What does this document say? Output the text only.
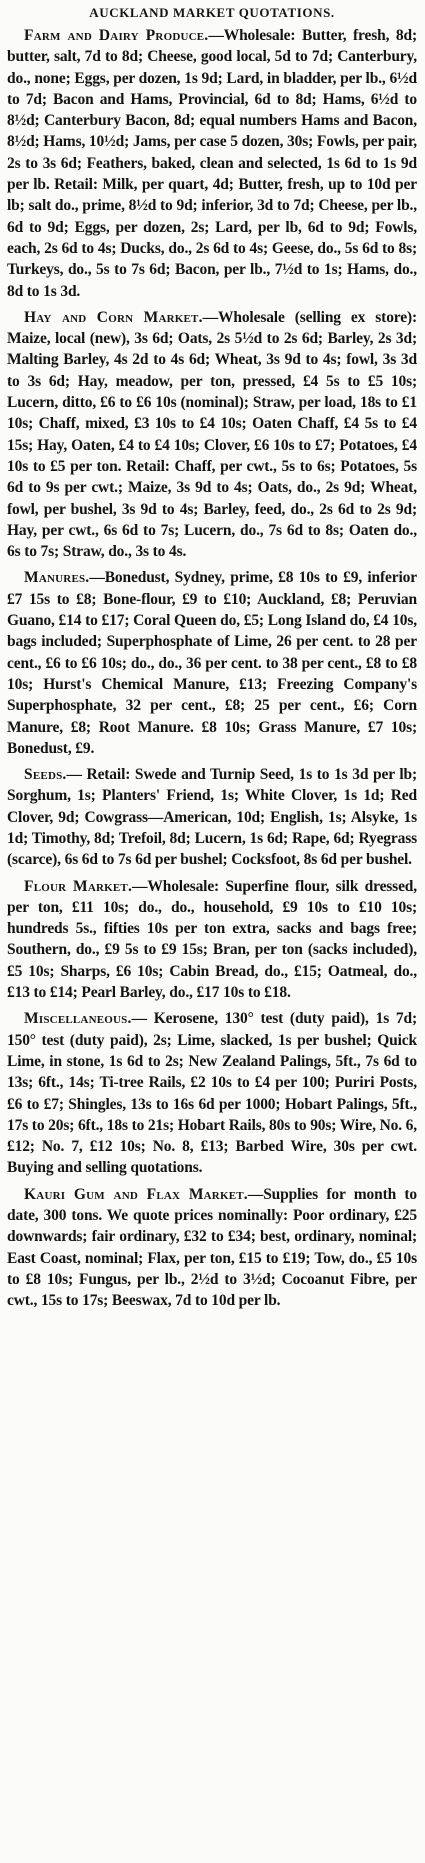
AUCKLAND MARKET QUOTATIONS.

Farm and Dairy Produce.—Wholesale: Butter, fresh, 8d; butter, salt, 7d to 8d; Cheese, good local, 5d to 7d; Canterbury, do., none; Eggs, per dozen, 1s 9d; Lard, in bladder, per lb., 6½d to 7d; Bacon and Hams, Provincial, 6d to 8d; Hams, 6½d to 8½d; Canterbury Bacon, 8d; equal numbers Hams and Bacon, 8½d; Hams, 10½d; Jams, per case 5 dozen, 30s; Fowls, per pair, 2s to 3s 6d; Feathers, baked, clean and selected, 1s 6d to 1s 9d per lb. Retail: Milk, per quart, 4d; Butter, fresh, up to 10d per lb; salt do., prime, 8½d to 9d; inferior, 3d to 7d; Cheese, per lb., 6d to 9d; Eggs, per dozen, 2s; Lard, per lb, 6d to 9d; Fowls, each, 2s 6d to 4s; Ducks, do., 2s 6d to 4s; Geese, do., 5s 6d to 8s; Turkeys, do., 5s to 7s 6d; Bacon, per lb., 7½d to 1s; Hams, do., 8d to 1s 3d.

Hay and Corn Market.—Wholesale (selling ex store): Maize, local (new), 3s 6d; Oats, 2s 5½d to 2s 6d; Barley, 2s 3d; Malting Barley, 4s 2d to 4s 6d; Wheat, 3s 9d to 4s; fowl, 3s 3d to 3s 6d; Hay, meadow, per ton, pressed, £4 5s to £5 10s; Lucern, ditto, £6 to £6 10s (nominal); Straw, per load, 18s to £1 10s; Chaff, mixed, £3 10s to £4 10s; Oaten Chaff, £4 5s to £4 15s; Hay, Oaten, £4 to £4 10s; Clover, £6 10s to £7; Potatoes, £4 10s to £5 per ton. Retail: Chaff, per cwt., 5s to 6s; Potatoes, 5s 6d to 9s per cwt.; Maize, 3s 9d to 4s; Oats, do., 2s 9d; Wheat, fowl, per bushel, 3s 9d to 4s; Barley, feed, do., 2s 6d to 2s 9d; Hay, per cwt., 6s 6d to 7s; Lucern, do., 7s 6d to 8s; Oaten do., 6s to 7s; Straw, do., 3s to 4s.

Manures.—Bonedust, Sydney, prime, £8 10s to £9, inferior £7 15s to £8; Bone-flour, £9 to £10; Auckland, £8; Peruvian Guano, £14 to £17; Coral Queen do, £5; Long Island do, £4 10s, bags included; Superphosphate of Lime, 26 per cent. to 28 per cent., £6 to £6 10s; do., do., 36 per cent. to 38 per cent., £8 to £8 10s; Hurst's Chemical Manure, £13; Freezing Company's Superphosphate, 32 per cent., £8; 25 per cent., £6; Corn Manure, £8; Root Manure. £8 10s; Grass Manure, £7 10s; Bonedust, £9.

Seeds.— Retail: Swede and Turnip Seed, 1s to 1s 3d per lb; Sorghum, 1s; Planters' Friend, 1s; White Clover, 1s 1d; Red Clover, 9d; Cowgrass—American, 10d; English, 1s; Alsyke, 1s 1d; Timothy, 8d; Trefoil, 8d; Lucern, 1s 6d; Rape, 6d; Ryegrass (scarce), 6s 6d to 7s 6d per bushel; Cocksfoot, 8s 6d per bushel.

Flour Market.—Wholesale: Superfine flour, silk dressed, per ton, £11 10s; do., do., household, £9 10s to £10 10s; hundreds 5s., fifties 10s per ton extra, sacks and bags free; Southern, do., £9 5s to £9 15s; Bran, per ton (sacks included), £5 10s; Sharps, £6 10s; Cabin Bread, do., £15; Oatmeal, do., £13 to £14; Pearl Barley, do., £17 10s to £18.

Miscellaneous.— Kerosene, 130° test (duty paid), 1s 7d; 150° test (duty paid), 2s; Lime, slacked, 1s per bushel; Quick Lime, in stone, 1s 6d to 2s; New Zealand Palings, 5ft., 7s 6d to 13s; 6ft., 14s; Ti-tree Rails, £2 10s to £4 per 100; Puriri Posts, £6 to £7; Shingles, 13s to 16s 6d per 1000; Hobart Palings, 5ft., 17s to 20s; 6ft., 18s to 21s; Hobart Rails, 80s to 90s; Wire, No. 6, £12; No. 7, £12 10s; No. 8, £13; Barbed Wire, 30s per cwt. Buying and selling quotations.

Kauri Gum and Flax Market.—Supplies for month to date, 300 tons. We quote prices nominally: Poor ordinary, £25 downwards; fair ordinary, £32 to £34; best, ordinary, nominal; East Coast, nominal; Flax, per ton, £15 to £19; Tow, do., £5 10s to £8 10s; Fungus, per lb., 2½d to 3½d; Cocoanut Fibre, per cwt., 15s to 17s; Beeswax, 7d to 10d per lb.
